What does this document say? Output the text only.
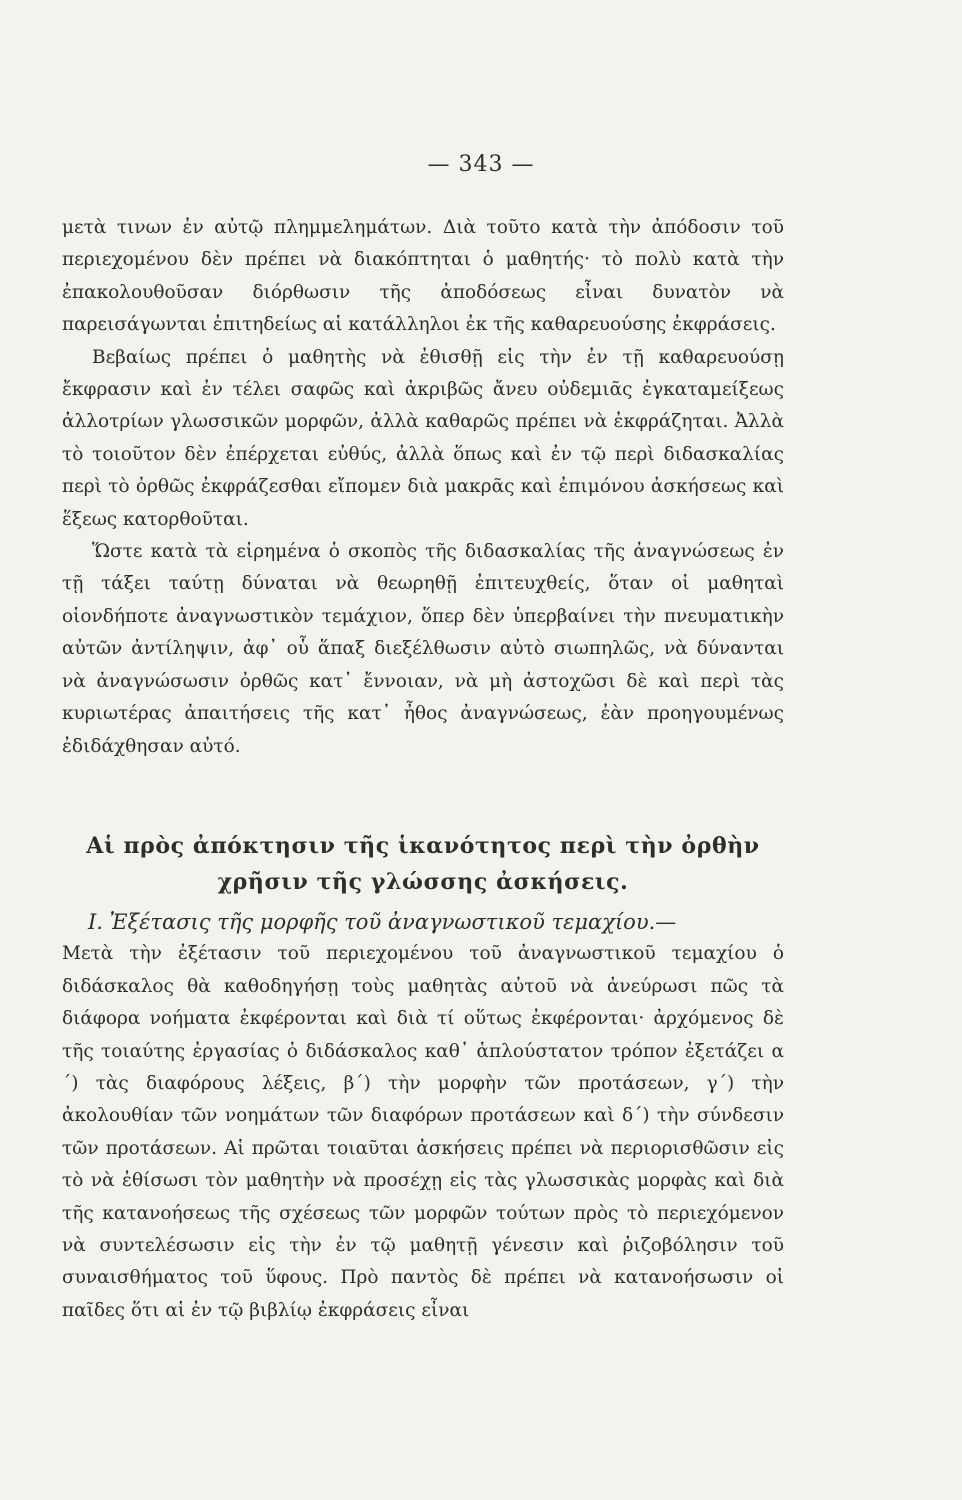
— 343 —

μετὰ τινων ἐν αὐτῷ πλημμελημάτων. Διὰ τοῦτο κατὰ τὴν ἀπόδοσιν τοῦ περιεχομένου δὲν πρέπει νὰ διακόπτηται ὁ μαθητής· τὸ πολὺ κατὰ τὴν ἐπακολουθοῦσαν διόρθωσιν τῆς ἀποδόσεως εἶναι δυνατὸν νὰ παρεισάγωνται ἐπιτηδείως αἱ κατάλληλοι ἐκ τῆς καθαρευούσης ἐκφράσεις.

Βεβαίως πρέπει ὁ μαθητὴς νὰ ἐθισθῇ εἰς τὴν ἐν τῇ καθαρευούσῃ ἔκφρασιν καὶ ἐν τέλει σαφῶς καὶ ἀκριβῶς ἄνευ οὐδεμιᾶς ἐγκαταμείξεως ἀλλοτρίων γλωσσικῶν μορφῶν, ἀλλὰ καθαρῶς πρέπει νὰ ἐκφράζηται. Ἀλλὰ τὸ τοιοῦτον δὲν ἐπέρχεται εὐθύς, ἀλλὰ ὅπως καὶ ἐν τῷ περὶ διδασκαλίας περὶ τὸ ὀρθῶς ἐκφράζεσθαι εἴπομεν διὰ μακρᾶς καὶ ἐπιμόνου ἀσκήσεως καὶ ἕξεως κατορθοῦται.

Ὥστε κατὰ τὰ εἰρημένα ὁ σκοπὸς τῆς διδασκαλίας τῆς ἀναγνώσεως ἐν τῇ τάξει ταύτῃ δύναται νὰ θεωρηθῇ ἐπιτευχθείς, ὅταν οἱ μαθηταὶ οἱονδήποτε ἀναγνωστικὸν τεμάχιον, ὅπερ δὲν ὑπερβαίνει τὴν πνευματικὴν αὐτῶν ἀντίληψιν, ἀφ᾽ οὗ ἅπαξ διεξέλθωσιν αὐτὸ σιωπηλῶς, νὰ δύνανται νὰ ἀναγνώσωσιν ὀρθῶς κατ᾽ ἔννοιαν, νὰ μὴ ἀστοχῶσι δὲ καὶ περὶ τὰς κυριωτέρας ἀπαιτήσεις τῆς κατ᾽ ἦθος ἀναγνώσεως, ἐὰν προηγουμένως ἐδιδάχθησαν αὐτό.

Αἱ πρὸς ἀπόκτησιν τῆς ἱκανότητος περὶ τὴν ὀρθὴν
χρῆσιν τῆς γλώσσης ἀσκήσεις.
I. Ἐξέτασις τῆς μορφῆς τοῦ ἀναγνωστικοῦ τεμαχίου.—

Μετὰ τὴν ἐξέτασιν τοῦ περιεχομένου τοῦ ἀναγνωστικοῦ τεμαχίου ὁ διδάσκαλος θὰ καθοδηγήσῃ τοὺς μαθητὰς αὐτοῦ νὰ ἀνεύρωσι πῶς τὰ διάφορα νοήματα ἐκφέρονται καὶ διὰ τί οὕτως ἐκφέρονται· ἀρχόμενος δὲ τῆς τοιαύτης ἐργασίας ὁ διδάσκαλος καθ᾽ ἁπλούστατον τρόπον ἐξετάζει α´) τὰς διαφόρους λέξεις, β´) τὴν μορφὴν τῶν προτάσεων, γ´) τὴν ἀκολουθίαν τῶν νοημάτων τῶν διαφόρων προτάσεων καὶ δ´) τὴν σύνδεσιν τῶν προτάσεων. Αἱ πρῶται τοιαῦται ἀσκήσεις πρέπει νὰ περιορισθῶσιν εἰς τὸ νὰ ἐθίσωσι τὸν μαθητὴν νὰ προσέχῃ εἰς τὰς γλωσσικὰς μορφὰς καὶ διὰ τῆς κατανοήσεως τῆς σχέσεως τῶν μορφῶν τούτων πρὸς τὸ περιεχόμενον νὰ συντελέσωσιν εἰς τὴν ἐν τῷ μαθητῇ γένεσιν καὶ ῥιζοβόλησιν τοῦ συναισθήματος τοῦ ὕφους. Πρὸ παντὸς δὲ πρέπει νὰ κατανοήσωσιν οἱ παῖδες ὅτι αἱ ἐν τῷ βιβλίῳ ἐκφράσεις εἶναι
